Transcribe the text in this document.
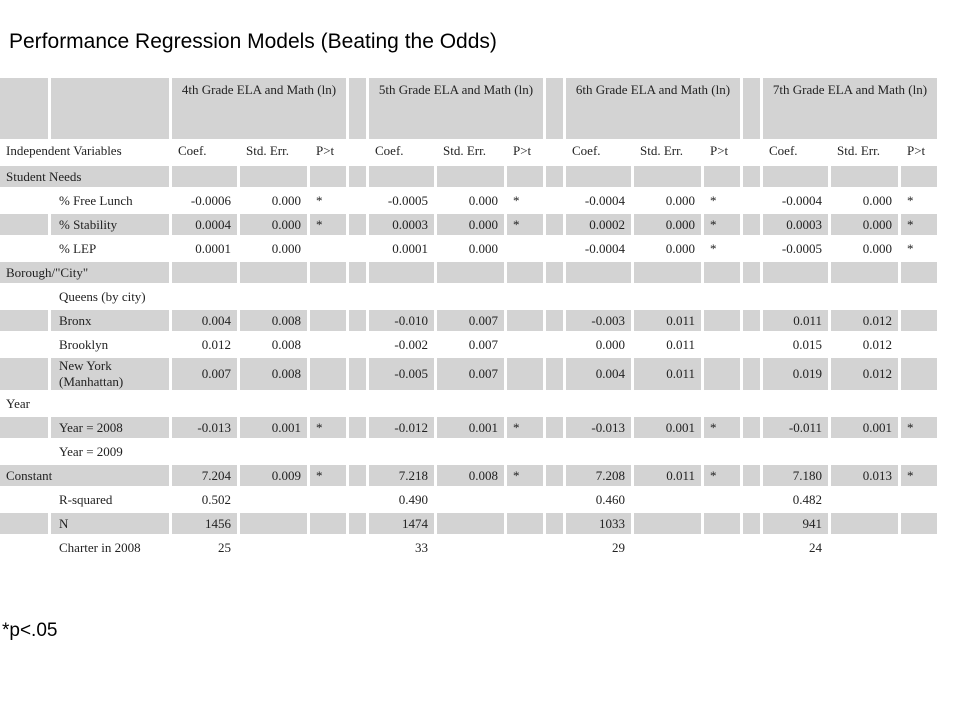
Performance Regression Models (Beating the Odds)
		4th Grade ELA and Math (ln)				5th Grade ELA and Math (ln)				6th Grade ELA and Math (ln)				7th Grade ELA and Math (ln)		
Independent Variables		Coef.	Std. Err.	P>t		Coef.	Std. Err.	P>t		Coef.	Std. Err.	P>t		Coef.	Std. Err.	P>t
Student Needs																
	% Free Lunch	-0.0006	0.000	*		-0.0005	0.000	*		-0.0004	0.000	*		-0.0004	0.000	*
	% Stability	0.0004	0.000	*		0.0003	0.000	*		0.0002	0.000	*		0.0003	0.000	*
	% LEP	0.0001	0.000			0.0001	0.000			-0.0004	0.000	*		-0.0005	0.000	*
Borough/"City"																
	Queens (by city)															
	Bronx	0.004	0.008			-0.010	0.007			-0.003	0.011			0.011	0.012	
	Brooklyn	0.012	0.008			-0.002	0.007			0.000	0.011			0.015	0.012	
	New York (Manhattan)	0.007	0.008			-0.005	0.007			0.004	0.011			0.019	0.012	
Year																
	Year = 2008	-0.013	0.001	*		-0.012	0.001	*		-0.013	0.001	*		-0.011	0.001	*
	Year = 2009															
Constant		7.204	0.009	*		7.218	0.008	*		7.208	0.011	*		7.180	0.013	*
	R-squared	0.502				0.490				0.460				0.482		
	N	1456				1474				1033				941		
	Charter in 2008	25				33				29				24		
*p<.05
